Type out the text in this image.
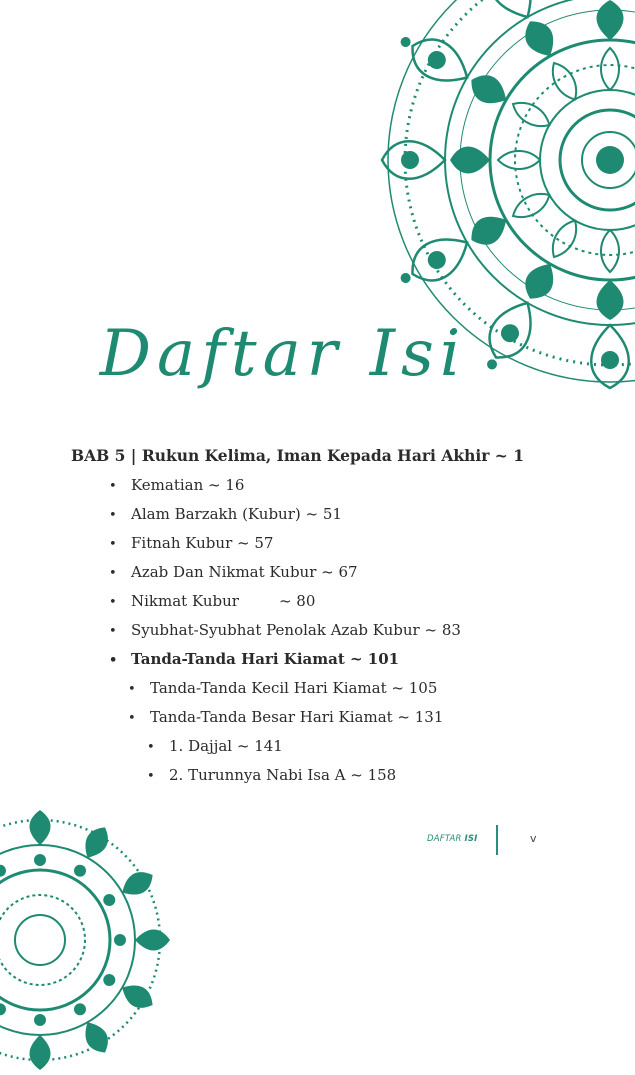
Daftar Isi
BAB 5 | Rukun Kelima, Iman Kepada Hari Akhir ~ 1
• Kematian ~ 16
• Alam Barzakh (Kubur) ~ 51
• Fitnah Kubur ~ 57
• Azab Dan Nikmat Kubur ~ 67
• Nikmat Kubur	~ 80
• Syubhat-Syubhat Penolak Azab Kubur ~ 83
• Tanda-Tanda Hari Kiamat ~ 101
• Tanda-Tanda Kecil Hari Kiamat ~ 105
• Tanda-Tanda Besar Hari Kiamat ~ 131
• 1. Dajjal ~ 141
• 2. Turunnya Nabi Isa A ~ 158
DAFTAR ISI	v
